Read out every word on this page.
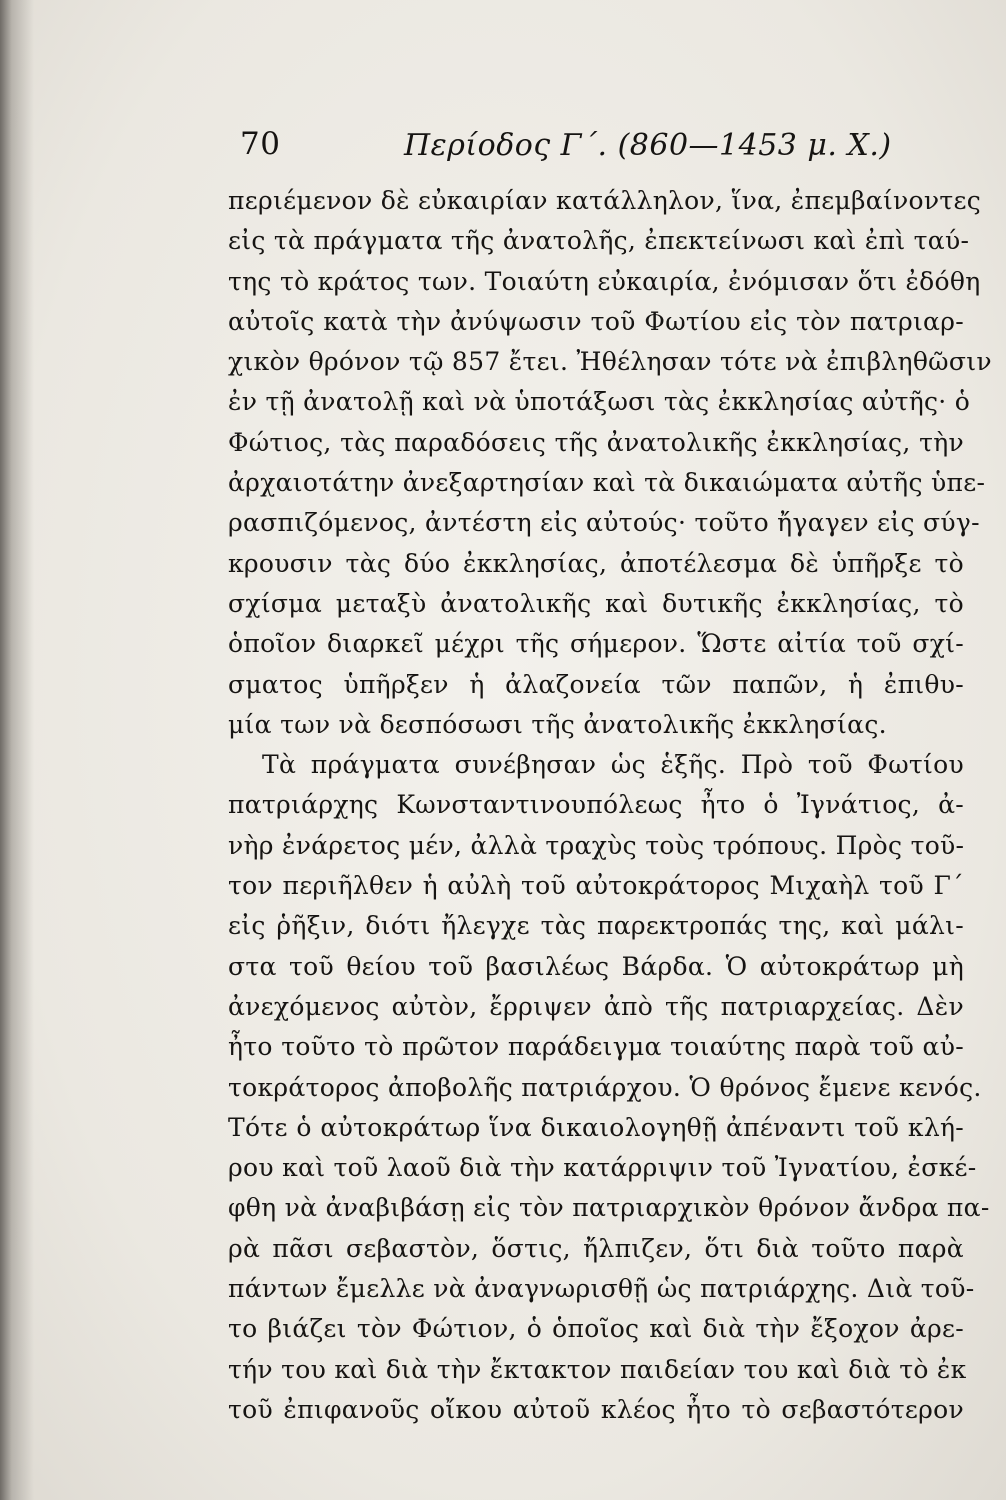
70	Περίοδος Γ΄. (860—1453 μ. Χ.)
περιέμενον δὲ εὐκαιρίαν κατάλληλον, ἵνα, ἐπεμβαίνοντες
εἰς τὰ πράγματα τῆς ἀνατολῆς, ἐπεκτείνωσι καὶ ἐπὶ ταύ-
της τὸ κράτος των. Τοιαύτη εὐκαιρία, ἐνόμισαν ὅτι ἐδόθη
αὐτοῖς κατὰ τὴν ἀνύψωσιν τοῦ Φωτίου εἰς τὸν πατριαρ-
χικὸν θρόνον τῷ 857 ἔτει. Ἠθέλησαν τότε νὰ ἐπιβληθῶσιν
ἐν τῇ ἀνατολῇ καὶ νὰ ὑποτάξωσι τὰς ἐκκλησίας αὐτῆς· ὁ
Φώτιος, τὰς παραδόσεις τῆς ἀνατολικῆς ἐκκλησίας, τὴν
ἀρχαιοτάτην ἀνεξαρτησίαν καὶ τὰ δικαιώματα αὐτῆς ὑπε-
ρασπιζόμενος, ἀντέστη εἰς αὐτούς· τοῦτο ἤγαγεν εἰς σύγ-
κρουσιν τὰς δύο ἐκκλησίας, ἀποτέλεσμα δὲ ὑπῆρξε τὸ
σχίσμα μεταξὺ ἀνατολικῆς καὶ δυτικῆς ἐκκλησίας, τὸ
ὁποῖον διαρκεῖ μέχρι τῆς σήμερον. Ὥστε αἰτία τοῦ σχί-
σματος ὑπῆρξεν ἡ ἀλαζονεία τῶν παπῶν, ἡ ἐπιθυ-
μία των νὰ δεσπόσωσι τῆς ἀνατολικῆς ἐκκλησίας.
Τὰ πράγματα συνέβησαν ὡς ἑξῆς. Πρὸ τοῦ Φωτίου
πατριάρχης Κωνσταντινουπόλεως ἦτο ὁ Ἰγνάτιος, ἀ-
νὴρ ἐνάρετος μέν, ἀλλὰ τραχὺς τοὺς τρόπους. Πρὸς τοῦ-
τον περιῆλθεν ἡ αὐλὴ τοῦ αὐτοκράτορος Μιχαὴλ τοῦ Γ΄
εἰς ῥῆξιν, διότι ἤλεγχε τὰς παρεκτροπάς της, καὶ μάλι-
στα τοῦ θείου τοῦ βασιλέως Βάρδα. Ὁ αὐτοκράτωρ μὴ
ἀνεχόμενος αὐτὸν, ἔρριψεν ἀπὸ τῆς πατριαρχείας. Δὲν
ἦτο τοῦτο τὸ πρῶτον παράδειγμα τοιαύτης παρὰ τοῦ αὐ-
τοκράτορος ἀποβολῆς πατριάρχου. Ὁ θρόνος ἔμενε κενός.
Τότε ὁ αὐτοκράτωρ ἵνα δικαιολογηθῇ ἀπέναντι τοῦ κλή-
ρου καὶ τοῦ λαοῦ διὰ τὴν κατάρριψιν τοῦ Ἰγνατίου, ἐσκέ-
φθη νὰ ἀναβιβάσῃ εἰς τὸν πατριαρχικὸν θρόνον ἄνδρα πα-
ρὰ πᾶσι σεβαστὸν, ὅστις, ἤλπιζεν, ὅτι διὰ τοῦτο παρὰ
πάντων ἔμελλε νὰ ἀναγνωρισθῇ ὡς πατριάρχης. Διὰ τοῦ-
το βιάζει τὸν Φώτιον, ὁ ὁποῖος καὶ διὰ τὴν ἔξοχον ἀρε-
τήν του καὶ διὰ τὴν ἔκτακτον παιδείαν του καὶ διὰ τὸ ἐκ
τοῦ ἐπιφανοῦς οἴκου αὐτοῦ κλέος ἦτο τὸ σεβαστότερον
